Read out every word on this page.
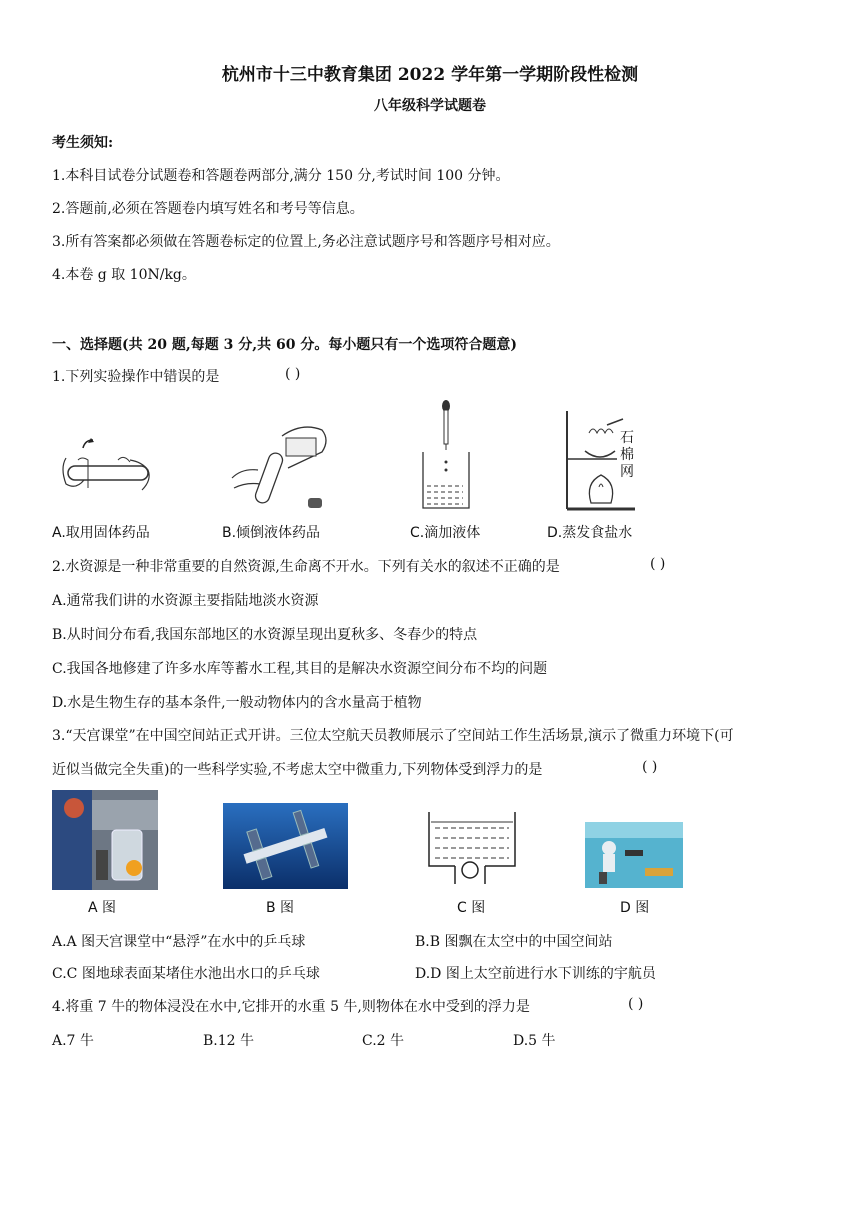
杭州市十三中教育集团 2022 学年第一学期阶段性检测
八年级科学试题卷
考生须知:
1.本科目试卷分试题卷和答题卷两部分,满分 150 分,考试时间 100 分钟。
2.答题前,必须在答题卷内填写姓名和考号等信息。
3.所有答案都必须做在答题卷标定的位置上,务必注意试题序号和答题序号相对应。
4.本卷 g 取 10N/kg。
一、选择题(共 20 题,每题 3 分,共 60 分。每小题只有一个选项符合题意)
1.下列实验操作中错误的是	( )
石
棉
网
A.取用固体药品	B.倾倒液体药品	C.滴加液体	D.蒸发食盐水
2.水资源是一种非常重要的自然资源,生命离不开水。下列有关水的叙述不正确的是	( )
A.通常我们讲的水资源主要指陆地淡水资源
B.从时间分布看,我国东部地区的水资源呈现出夏秋多、冬春少的特点
C.我国各地修建了许多水库等蓄水工程,其目的是解决水资源空间分布不均的问题
D.水是生物生存的基本条件,一般动物体内的含水量高于植物
3.“天宫课堂”在中国空间站正式开讲。三位太空航天员教师展示了空间站工作生活场景,演示了微重力环境下(可
近似当做完全失重)的一些科学实验,不考虑太空中微重力,下列物体受到浮力的是	( )
A 图	B 图	C 图	D 图
A.A 图天宫课堂中“悬浮”在水中的乒乓球	B.B 图飘在太空中的中国空间站
C.C 图地球表面某堵住水池出水口的乒乓球	D.D 图上太空前进行水下训练的宇航员
4.将重 7 牛的物体浸没在水中,它排开的水重 5 牛,则物体在水中受到的浮力是	( )
A.7 牛	B.12 牛	C.2 牛	D.5 牛
